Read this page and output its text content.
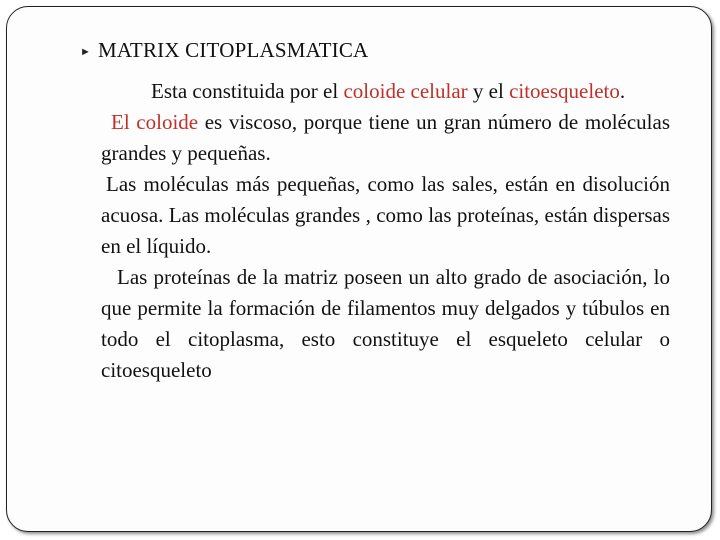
► MATRIX CITOPLASMATICA

Esta constituida por el coloide celular y el citoesqueleto.

El coloide es viscoso, porque tiene un gran número de moléculas grandes y pequeñas.

Las moléculas más pequeñas, como las sales, están en disolución acuosa. Las moléculas grandes , como las proteínas, están dispersas en el líquido.

Las proteínas de la matriz poseen un alto grado de asociación, lo que permite la formación de filamentos muy delgados y túbulos en todo el citoplasma, esto constituye el esqueleto celular o citoesqueleto
